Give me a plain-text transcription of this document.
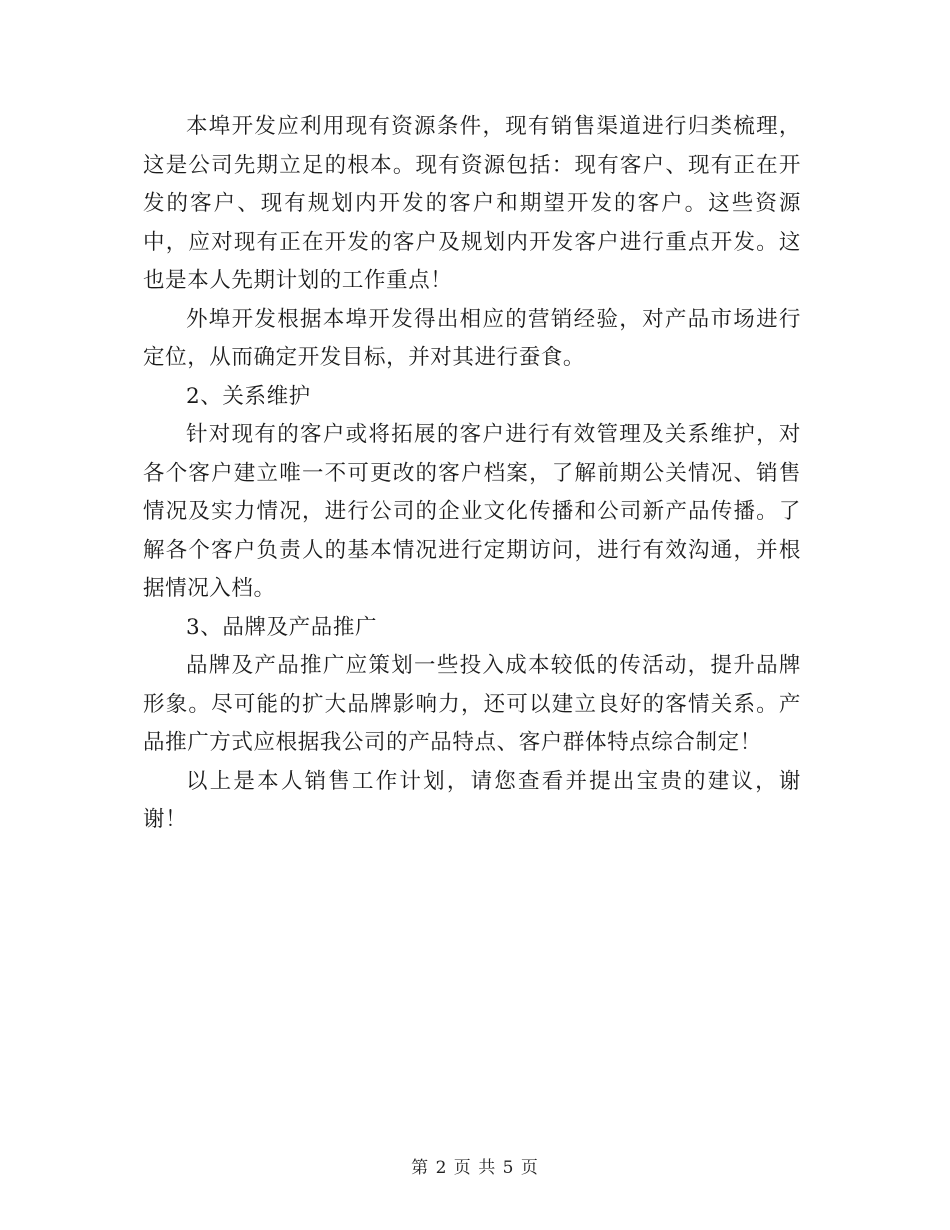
本埠开发应利用现有资源条件，现有销售渠道进行归类梳理，这是公司先期立足的根本。现有资源包括：现有客户、现有正在开发的客户、现有规划内开发的客户和期望开发的客户。这些资源中，应对现有正在开发的客户及规划内开发客户进行重点开发。这也是本人先期计划的工作重点！

外埠开发根据本埠开发得出相应的营销经验，对产品市场进行定位，从而确定开发目标，并对其进行蚕食。

2、关系维护

针对现有的客户或将拓展的客户进行有效管理及关系维护，对各个客户建立唯一不可更改的客户档案，了解前期公关情况、销售情况及实力情况，进行公司的企业文化传播和公司新产品传播。了解各个客户负责人的基本情况进行定期访问，进行有效沟通，并根据情况入档。

3、品牌及产品推广

品牌及产品推广应策划一些投入成本较低的传活动，提升品牌形象。尽可能的扩大品牌影响力，还可以建立良好的客情关系。产品推广方式应根据我公司的产品特点、客户群体特点综合制定！

以上是本人销售工作计划，请您查看并提出宝贵的建议，谢谢！

第 2 页 共 5 页
